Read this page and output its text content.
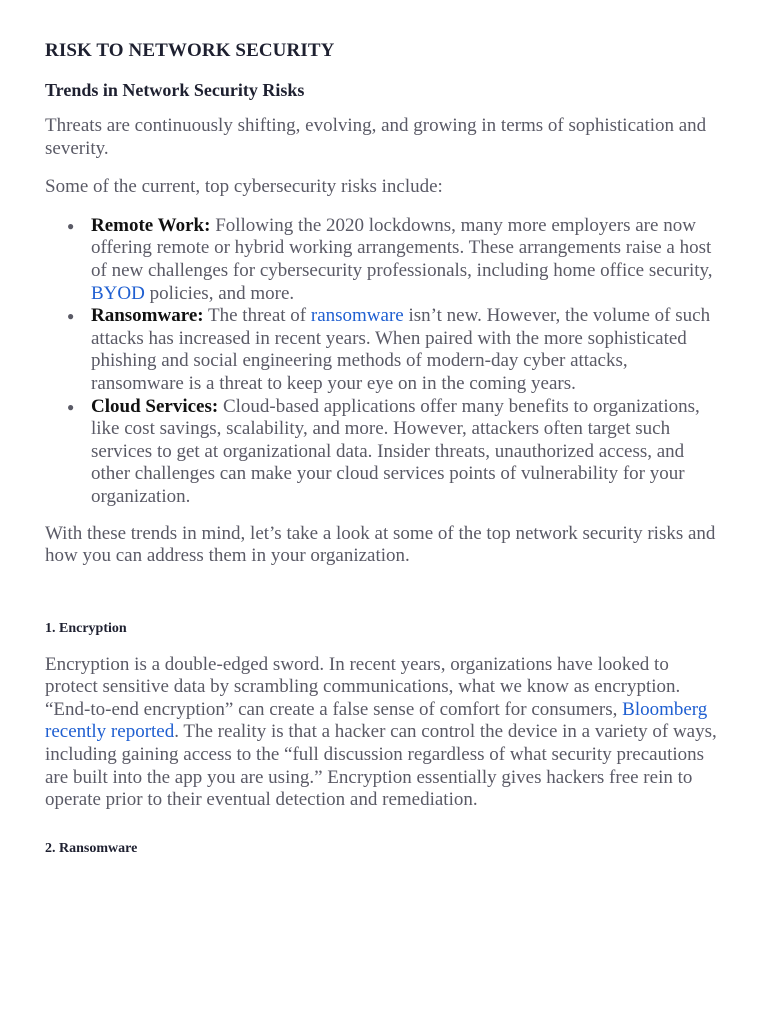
RISK TO NETWORK SECURITY
Trends in Network Security Risks

Threats are continuously shifting, evolving, and growing in terms of sophistication and severity.

Some of the current, top cybersecurity risks include:

● Remote Work: Following the 2020 lockdowns, many more employers are now offering remote or hybrid working arrangements. These arrangements raise a host of new challenges for cybersecurity professionals, including home office security, BYOD policies, and more.
● Ransomware: The threat of ransomware isn’t new. However, the volume of such attacks has increased in recent years. When paired with the more sophisticated phishing and social engineering methods of modern-day cyber attacks, ransomware is a threat to keep your eye on in the coming years.
● Cloud Services: Cloud-based applications offer many benefits to organizations, like cost savings, scalability, and more. However, attackers often target such services to get at organizational data. Insider threats, unauthorized access, and other challenges can make your cloud services points of vulnerability for your organization.

With these trends in mind, let’s take a look at some of the top network security risks and how you can address them in your organization.

1. Encryption

Encryption is a double-edged sword. In recent years, organizations have looked to protect sensitive data by scrambling communications, what we know as encryption. “End-to-end encryption” can create a false sense of comfort for consumers, Bloomberg recently reported. The reality is that a hacker can control the device in a variety of ways, including gaining access to the “full discussion regardless of what security precautions are built into the app you are using.” Encryption essentially gives hackers free rein to operate prior to their eventual detection and remediation.

2. Ransomware
